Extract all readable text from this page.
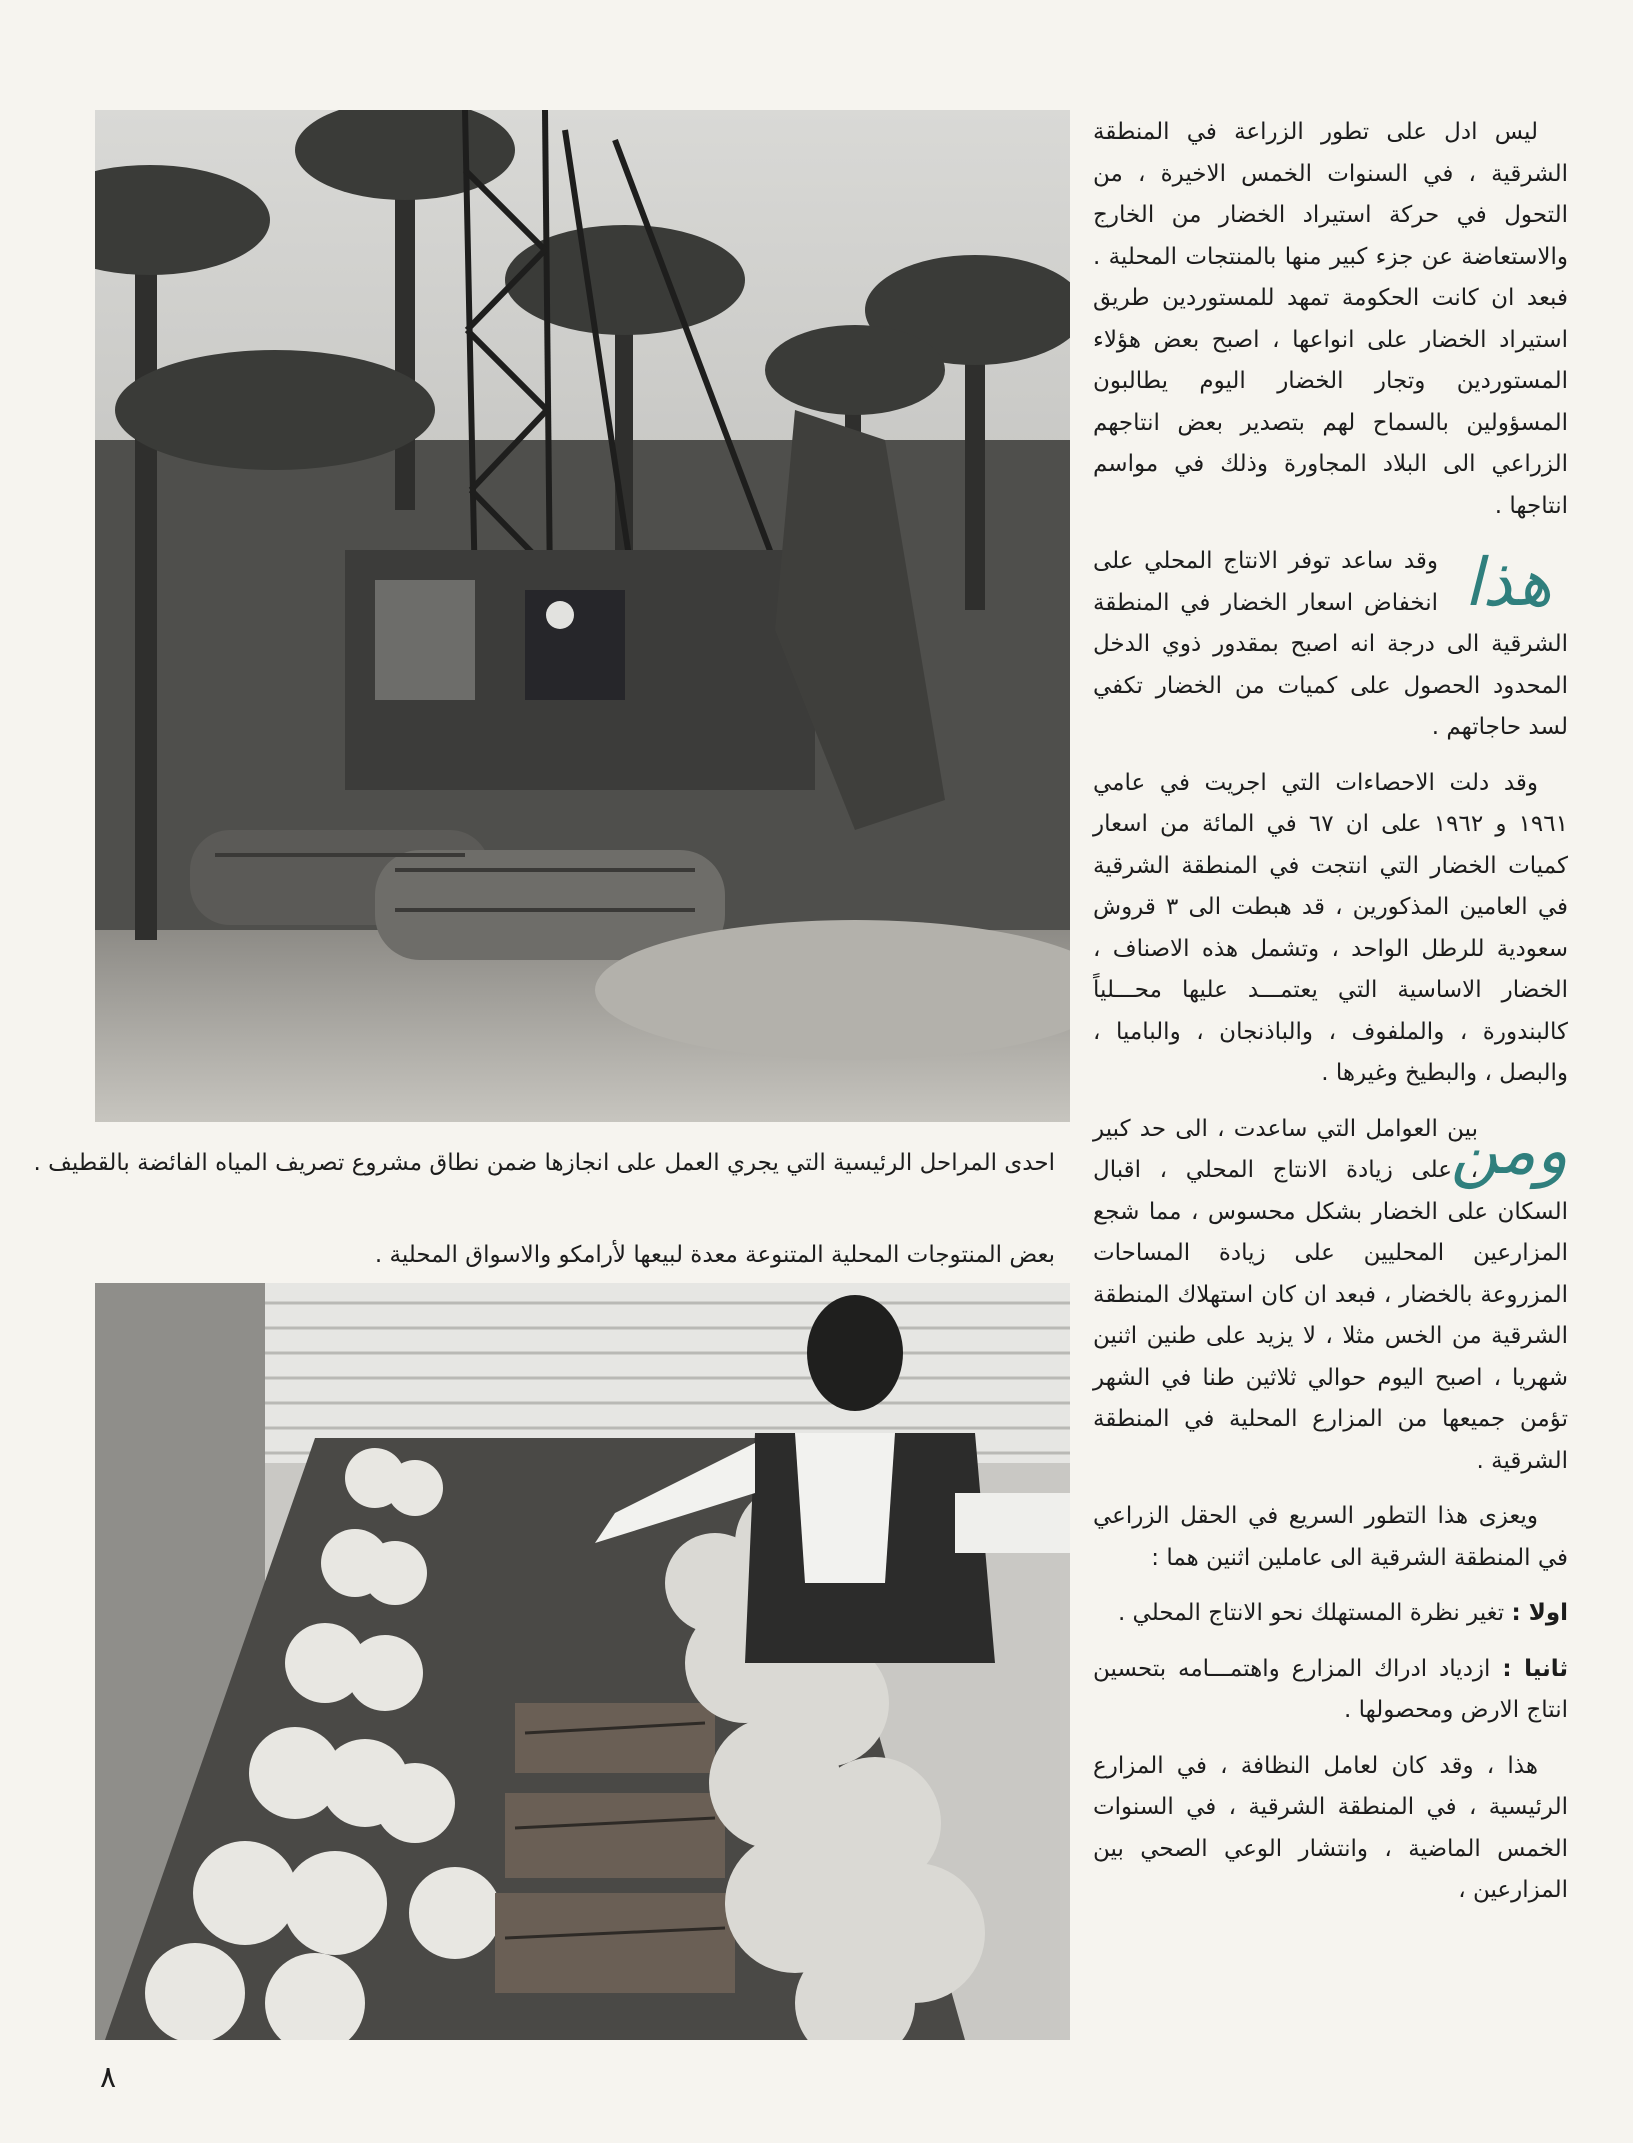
احدى المراحل الرئيسية التي يجري العمل على انجازها ضمن نطاق مشروع تصريف المياه الفائضة بالقطيف .
بعض المنتوجات المحلية المتنوعة معدة لبيعها لأرامكو والاسواق المحلية .

ليس ادل على تطور الزراعة في المنطقة الشرقية ، في السنوات الخمس الاخيرة ، من التحول في حركة استيراد الخضار من الخارج والاستعاضة عن جزء كبير منها بالمنتجات المحلية . فبعد ان كانت الحكومة تمهد للمستوردين طريق استيراد الخضار على انواعها ، اصبح بعض هؤلاء المستوردين وتجار الخضار اليوم يطالبون المسؤولين بالسماح لهم بتصدير بعض انتاجهم الزراعي الى البلاد المجاورة وذلك في مواسم انتاجها .

هذا
وقد ساعد توفر الانتاج المحلي على انخفاض اسعار الخضار في المنطقة الشرقية الى درجة انه اصبح بمقدور ذوي الدخل المحدود الحصول على كميات من الخضار تكفي لسد حاجاتهم .

وقد دلت الاحصاءات التي اجريت في عامي ١٩٦١ و ١٩٦٢ على ان ٦٧ في المائة من اسعار كميات الخضار التي انتجت في المنطقة الشرقية في العامين المذكورين ، قد هبطت الى ٣ قروش سعودية للرطل الواحد ، وتشمل هذه الاصناف ، الخضار الاساسية التي يعتمـــد عليها محـــلياً كالبندورة ، والملفوف ، والباذنجان ، والباميا ، والبصل ، والبطيخ وغيرها .

ومن
بين العوامل التي ساعدت ، الى حد كبير ، على زيادة الانتاج المحلي ، اقبال السكان على الخضار بشكل محسوس ، مما شجع المزارعين المحليين على زيادة المساحات المزروعة بالخضار ، فبعد ان كان استهلاك المنطقة الشرقية من الخس مثلا ، لا يزيد على طنين اثنين شهريا ، اصبح اليوم حوالي ثلاثين طنا في الشهر تؤمن جميعها من المزارع المحلية في المنطقة الشرقية .

ويعزى هذا التطور السريع في الحقل الزراعي في المنطقة الشرقية الى عاملين اثنين هما :

اولا : تغير نظرة المستهلك نحو الانتاج المحلي .

ثانيا : ازدياد ادراك المزارع واهتمـــامه بتحسين انتاج الارض ومحصولها .

هذا ، وقد كان لعامل النظافة ، في المزارع الرئيسية ، في المنطقة الشرقية ، في السنوات الخمس الماضية ، وانتشار الوعي الصحي بين المزارعين ،

٨
